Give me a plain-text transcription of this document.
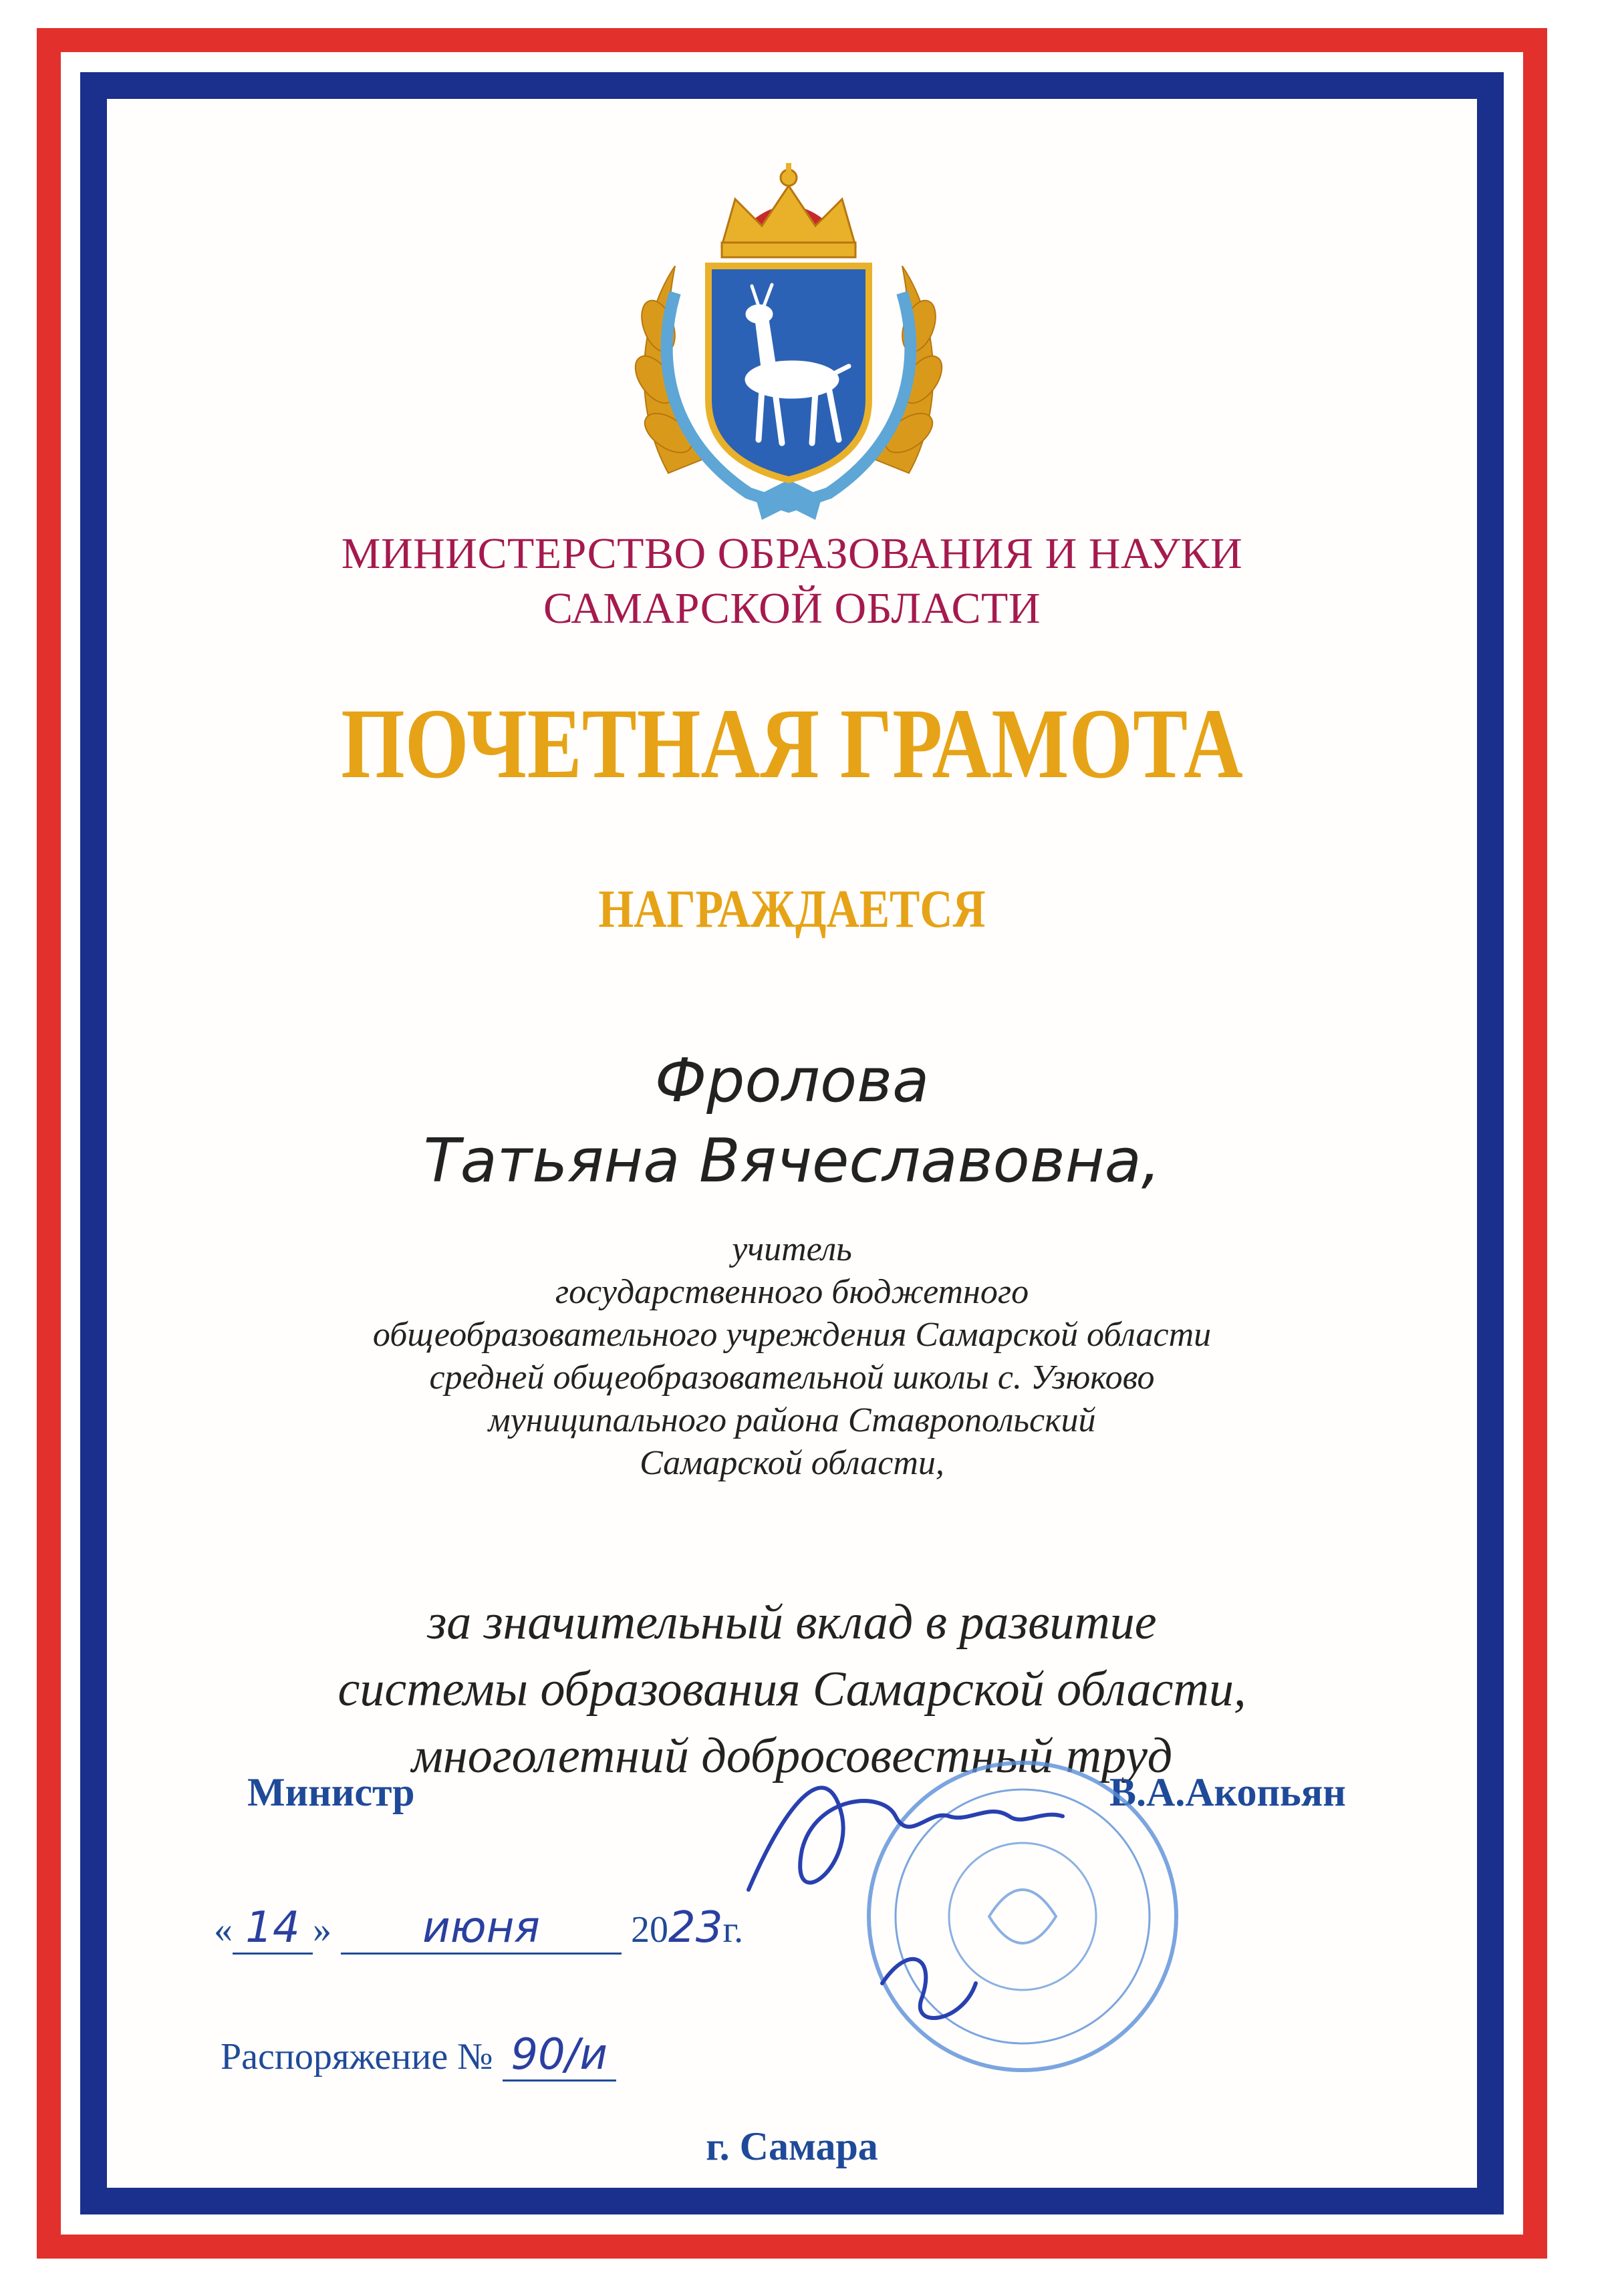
МИНИСТЕРСТВО ОБРАЗОВАНИЯ И НАУКИ
САМАРСКОЙ ОБЛАСТИ
ПОЧЕТНАЯ ГРАМОТА
НАГРАЖДАЕТСЯ
Фролова
Татьяна Вячеславовна,
учитель
государственного бюджетного
общеобразовательного учреждения Самарской области
средней общеобразовательной школы с. Узюково
муниципального района Ставропольский
Самарской области,
за значительный вклад в развитие
системы образования Самарской области,
многолетний добросовестный труд
Министр	В.А.Акопьян
« 14 » июня 2023г.
Распоряжение № 90/и
г. Самара
